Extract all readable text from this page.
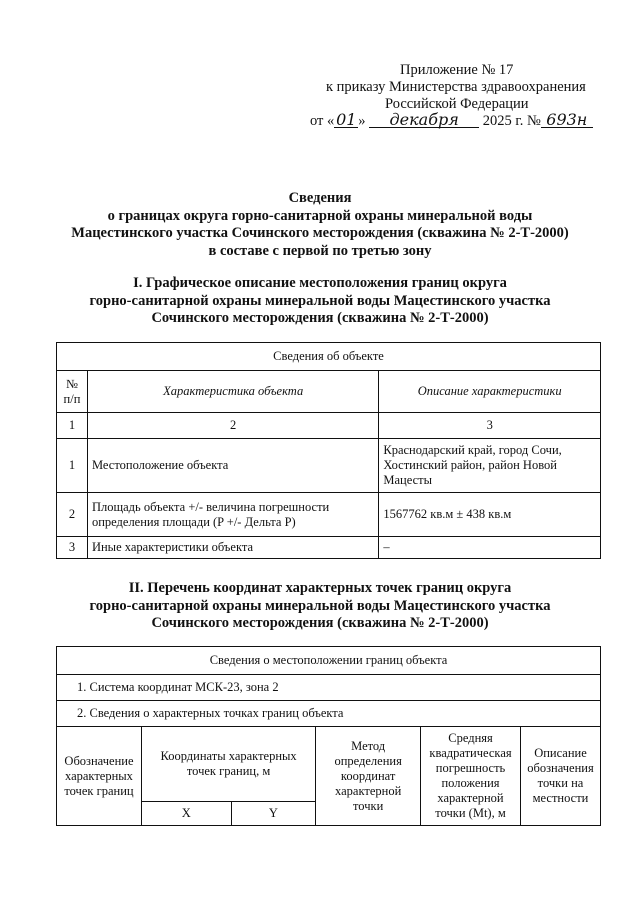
Приложение № 17
к приказу Министерства здравоохранения
Российской Федерации
от « 01 » декабря 2025 г. № 693н
Сведения
о границах округа горно-санитарной охраны минеральной воды
Мацестинского участка Сочинского месторождения (скважина № 2-Т-2000)
в составе с первой по третью зону
I. Графическое описание местоположения границ округа
горно-санитарной охраны минеральной воды Мацестинского участка
Сочинского месторождения (скважина № 2-Т-2000)
Сведения об объекте		
№ п/п	Характеристика объекта	Описание характеристики
1	2	3
1	Местоположение объекта	Краснодарский край, город Сочи, Хостинский район, район Новой Мацесты
2	Площадь объекта +/- величина погрешности определения площади (P +/- Дельта P)	1567762 кв.м ± 438 кв.м
3	Иные характеристики объекта	–
II. Перечень координат характерных точек границ округа
горно-санитарной охраны минеральной воды Мацестинского участка
Сочинского месторождения (скважина № 2-Т-2000)
Сведения о местоположении границ объекта					
1. Система координат МСК-23, зона 2					
2. Сведения о характерных точках границ объекта					
Обозначение характерных точек границ	Координаты характерных точек границ, м		Метод определения координат характерной точки	Средняя квадратическая погрешность положения характерной точки (Mt), м	Описание обозначения точки на местности
	X	Y			
